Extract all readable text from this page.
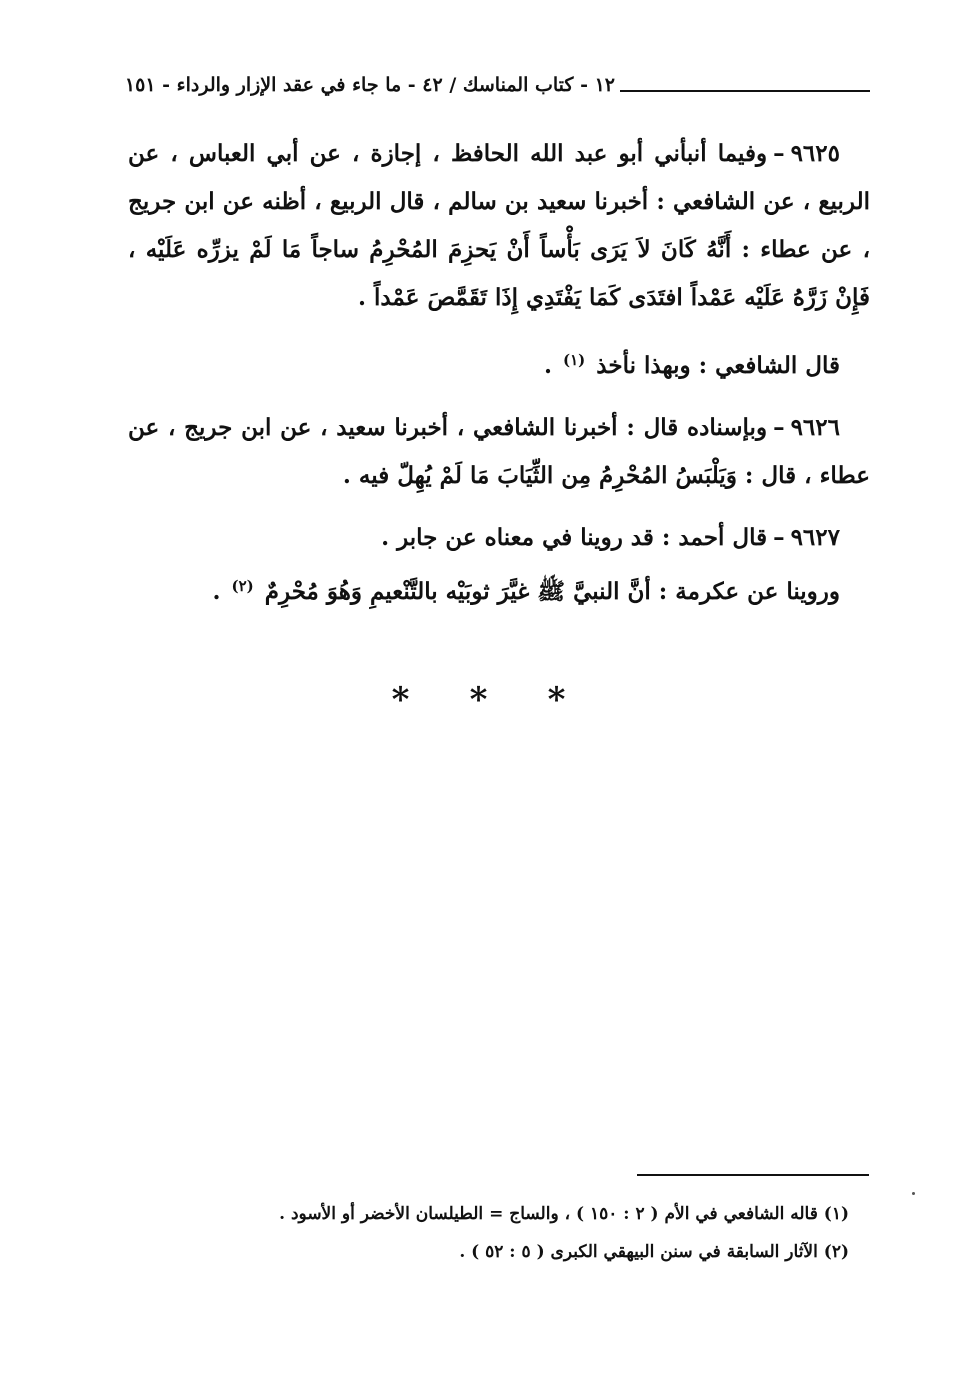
١٢ - كتاب المناسك / ٤٢ - ما جاء في عقد الإزار والرداء - ١٥١

٩٦٢٥–وفيما أنبأني أبو عبد الله الحافظ ، إجازة ، عن أبي العباس ، عن الربيع ، عن الشافعي : أخبرنا سعيد بن سالم ، قال الربيع ، أظنه عن ابن جريج ، عن عطاء : أَنَّهُ كَانَ لاَ يَرَى بَأْساً أَنْ يَحزِمَ المُحْرِمُ ساجاً مَا لَمْ يزرِّه عَلَيْه ، فَإِنْ زَرَّهُ عَلَيْه عَمْداً افتَدَى كَمَا يَفْتَدِي إِذَا تَقَمَّصَ عَمْداً .

قال الشافعي : وبهذا نأخذ $^{(١)}$ .

٩٦٢٦–وبإسناده قال : أخبرنا الشافعي ، أخبرنا سعيد ، عن ابن جريج ، عن عطاء ، قال : وَيَلْبَسُ المُحْرِمُ مِن الثِّيَابَ مَا لَمْ يُهِلّ فيه .

٩٦٢٧–قال أحمد : قد روينا في معناه عن جابر .

وروينا عن عكرمة : أنَّ النبيَّ ﷺ غيَّرَ ثوبَيْه بالتَّنْعيمِ وَهُوَ مُحْرِمٌ $^{(٢)}$ .

* * *

(١) قاله الشافعي في الأم ( ٢ : ١٥٠ ) ، والساج = الطيلسان الأخضر أو الأسود .

(٢) الآثار السابقة في سنن البيهقي الكبرى ( ٥ : ٥٢ ) .
